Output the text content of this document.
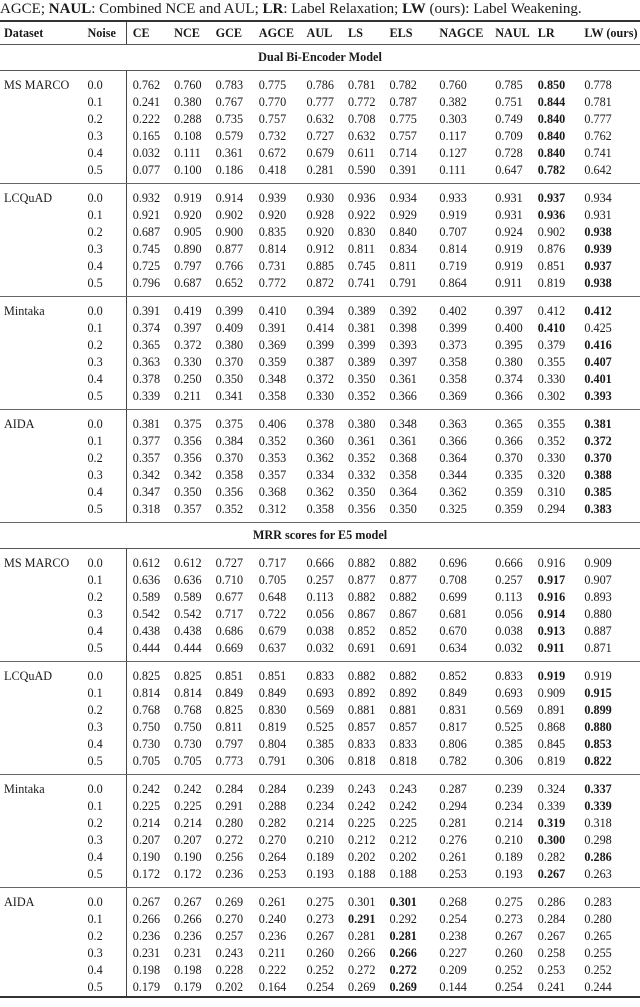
AGCE; NAUL: Combined NCE and AUL; LR: Label Relaxation; LW (ours): Label Weakening.
Dataset	Noise	CE	NCE	GCE	AGCE	AUL	LS	ELS	NAGCE	NAUL	LR	LW (ours)
Dual Bi-Encoder Model												
MS MARCO	0.0	0.762	0.760	0.783	0.775	0.786	0.781	0.782	0.760	0.785	0.850	0.778
	0.1	0.241	0.380	0.767	0.770	0.777	0.772	0.787	0.382	0.751	0.844	0.781
	0.2	0.222	0.288	0.735	0.757	0.632	0.708	0.775	0.303	0.749	0.840	0.777
	0.3	0.165	0.108	0.579	0.732	0.727	0.632	0.757	0.117	0.709	0.840	0.762
	0.4	0.032	0.111	0.361	0.672	0.679	0.611	0.714	0.127	0.728	0.840	0.741
	0.5	0.077	0.100	0.186	0.418	0.281	0.590	0.391	0.111	0.647	0.782	0.642
LCQuAD	0.0	0.932	0.919	0.914	0.939	0.930	0.936	0.934	0.933	0.931	0.937	0.934
	0.1	0.921	0.920	0.902	0.920	0.928	0.922	0.929	0.919	0.931	0.936	0.931
	0.2	0.687	0.905	0.900	0.835	0.920	0.830	0.840	0.707	0.924	0.902	0.938
	0.3	0.745	0.890	0.877	0.814	0.912	0.811	0.834	0.814	0.919	0.876	0.939
	0.4	0.725	0.797	0.766	0.731	0.885	0.745	0.811	0.719	0.919	0.851	0.937
	0.5	0.796	0.687	0.652	0.772	0.872	0.741	0.791	0.864	0.911	0.819	0.938
Mintaka	0.0	0.391	0.419	0.399	0.410	0.394	0.389	0.392	0.402	0.397	0.412	0.412
	0.1	0.374	0.397	0.409	0.391	0.414	0.381	0.398	0.399	0.400	0.410	0.425
	0.2	0.365	0.372	0.380	0.369	0.399	0.399	0.393	0.373	0.395	0.379	0.416
	0.3	0.363	0.330	0.370	0.359	0.387	0.389	0.397	0.358	0.380	0.355	0.407
	0.4	0.378	0.250	0.350	0.348	0.372	0.350	0.361	0.358	0.374	0.330	0.401
	0.5	0.339	0.211	0.341	0.358	0.330	0.352	0.366	0.369	0.366	0.302	0.393
AIDA	0.0	0.381	0.375	0.375	0.406	0.378	0.380	0.348	0.363	0.365	0.355	0.381
	0.1	0.377	0.356	0.384	0.352	0.360	0.361	0.361	0.366	0.366	0.352	0.372
	0.2	0.357	0.356	0.370	0.353	0.362	0.352	0.368	0.364	0.370	0.330	0.370
	0.3	0.342	0.342	0.358	0.357	0.334	0.332	0.358	0.344	0.335	0.320	0.388
	0.4	0.347	0.350	0.356	0.368	0.362	0.350	0.364	0.362	0.359	0.310	0.385
	0.5	0.318	0.357	0.352	0.312	0.358	0.356	0.350	0.325	0.359	0.294	0.383
MRR scores for E5 model												
MS MARCO	0.0	0.612	0.612	0.727	0.717	0.666	0.882	0.882	0.696	0.666	0.916	0.909
	0.1	0.636	0.636	0.710	0.705	0.257	0.877	0.877	0.708	0.257	0.917	0.907
	0.2	0.589	0.589	0.677	0.648	0.113	0.882	0.882	0.699	0.113	0.916	0.893
	0.3	0.542	0.542	0.717	0.722	0.056	0.867	0.867	0.681	0.056	0.914	0.880
	0.4	0.438	0.438	0.686	0.679	0.038	0.852	0.852	0.670	0.038	0.913	0.887
	0.5	0.444	0.444	0.669	0.637	0.032	0.691	0.691	0.634	0.032	0.911	0.871
LCQuAD	0.0	0.825	0.825	0.851	0.851	0.833	0.882	0.882	0.852	0.833	0.919	0.919
	0.1	0.814	0.814	0.849	0.849	0.693	0.892	0.892	0.849	0.693	0.909	0.915
	0.2	0.768	0.768	0.825	0.830	0.569	0.881	0.881	0.831	0.569	0.891	0.899
	0.3	0.750	0.750	0.811	0.819	0.525	0.857	0.857	0.817	0.525	0.868	0.880
	0.4	0.730	0.730	0.797	0.804	0.385	0.833	0.833	0.806	0.385	0.845	0.853
	0.5	0.705	0.705	0.773	0.791	0.306	0.818	0.818	0.782	0.306	0.819	0.822
Mintaka	0.0	0.242	0.242	0.284	0.284	0.239	0.243	0.243	0.287	0.239	0.324	0.337
	0.1	0.225	0.225	0.291	0.288	0.234	0.242	0.242	0.294	0.234	0.339	0.339
	0.2	0.214	0.214	0.280	0.282	0.214	0.225	0.225	0.281	0.214	0.319	0.318
	0.3	0.207	0.207	0.272	0.270	0.210	0.212	0.212	0.276	0.210	0.300	0.298
	0.4	0.190	0.190	0.256	0.264	0.189	0.202	0.202	0.261	0.189	0.282	0.286
	0.5	0.172	0.172	0.236	0.253	0.193	0.188	0.188	0.253	0.193	0.267	0.263
AIDA	0.0	0.267	0.267	0.269	0.261	0.275	0.301	0.301	0.268	0.275	0.286	0.283
	0.1	0.266	0.266	0.270	0.240	0.273	0.291	0.292	0.254	0.273	0.284	0.280
	0.2	0.236	0.236	0.257	0.236	0.267	0.281	0.281	0.238	0.267	0.267	0.265
	0.3	0.231	0.231	0.243	0.211	0.260	0.266	0.266	0.227	0.260	0.258	0.255
	0.4	0.198	0.198	0.228	0.222	0.252	0.272	0.272	0.209	0.252	0.253	0.252
	0.5	0.179	0.179	0.202	0.164	0.254	0.269	0.269	0.144	0.254	0.241	0.244
